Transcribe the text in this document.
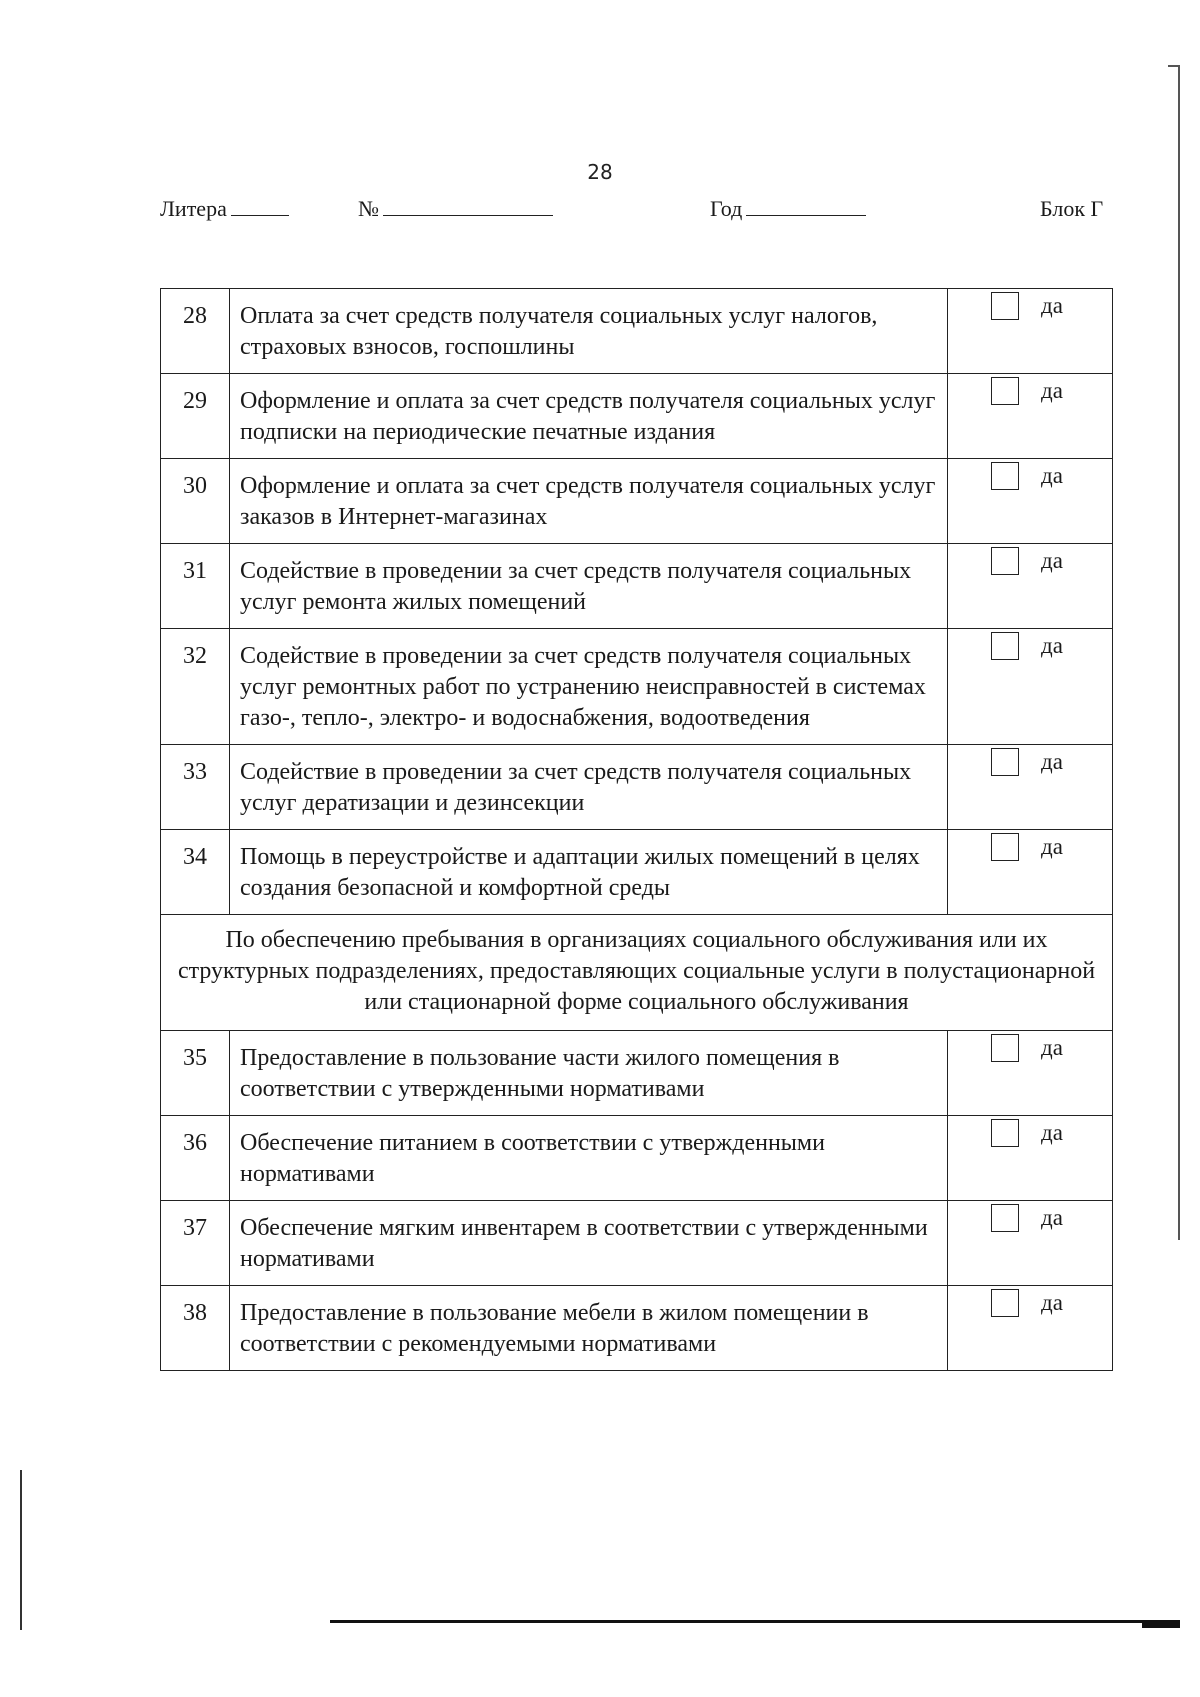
28
Литера	№	Год	Блок Г
28	Оплата за счет средств получателя социальных услуг налогов, страховых взносов, госпошлины	да

29	Оформление и оплата за счет средств получателя социальных услуг подписки на периодические печатные издания	да

30	Оформление и оплата за счет средств получателя социальных услуг заказов в Интернет-магазинах	да

31	Содействие в проведении за счет средств получателя социальных услуг ремонта жилых помещений	да

32	Содействие в проведении за счет средств получателя социальных услуг ремонтных работ по устранению неисправностей в системах газо-, тепло-, электро- и водоснабжения, водоотведения	да

33	Содействие в проведении за счет средств получателя социальных услуг дератизации и дезинсекции	да

34	Помощь в переустройстве и адаптации жилых помещений в целях создания безопасной и комфортной среды	да

По обеспечению пребывания в организациях социального обслуживания или их структурных подразделениях, предоставляющих социальные услуги в полустационарной или стационарной форме социального обслуживания		
35	Предоставление в пользование части жилого помещения в соответствии с утвержденными нормативами	да

36	Обеспечение питанием в соответствии с утвержденными нормативами	да

37	Обеспечение мягким инвентарем в соответствии с утвержденными нормативами	да

38	Предоставление в пользование мебели в жилом помещении в соответствии с рекомендуемыми нормативами	да
